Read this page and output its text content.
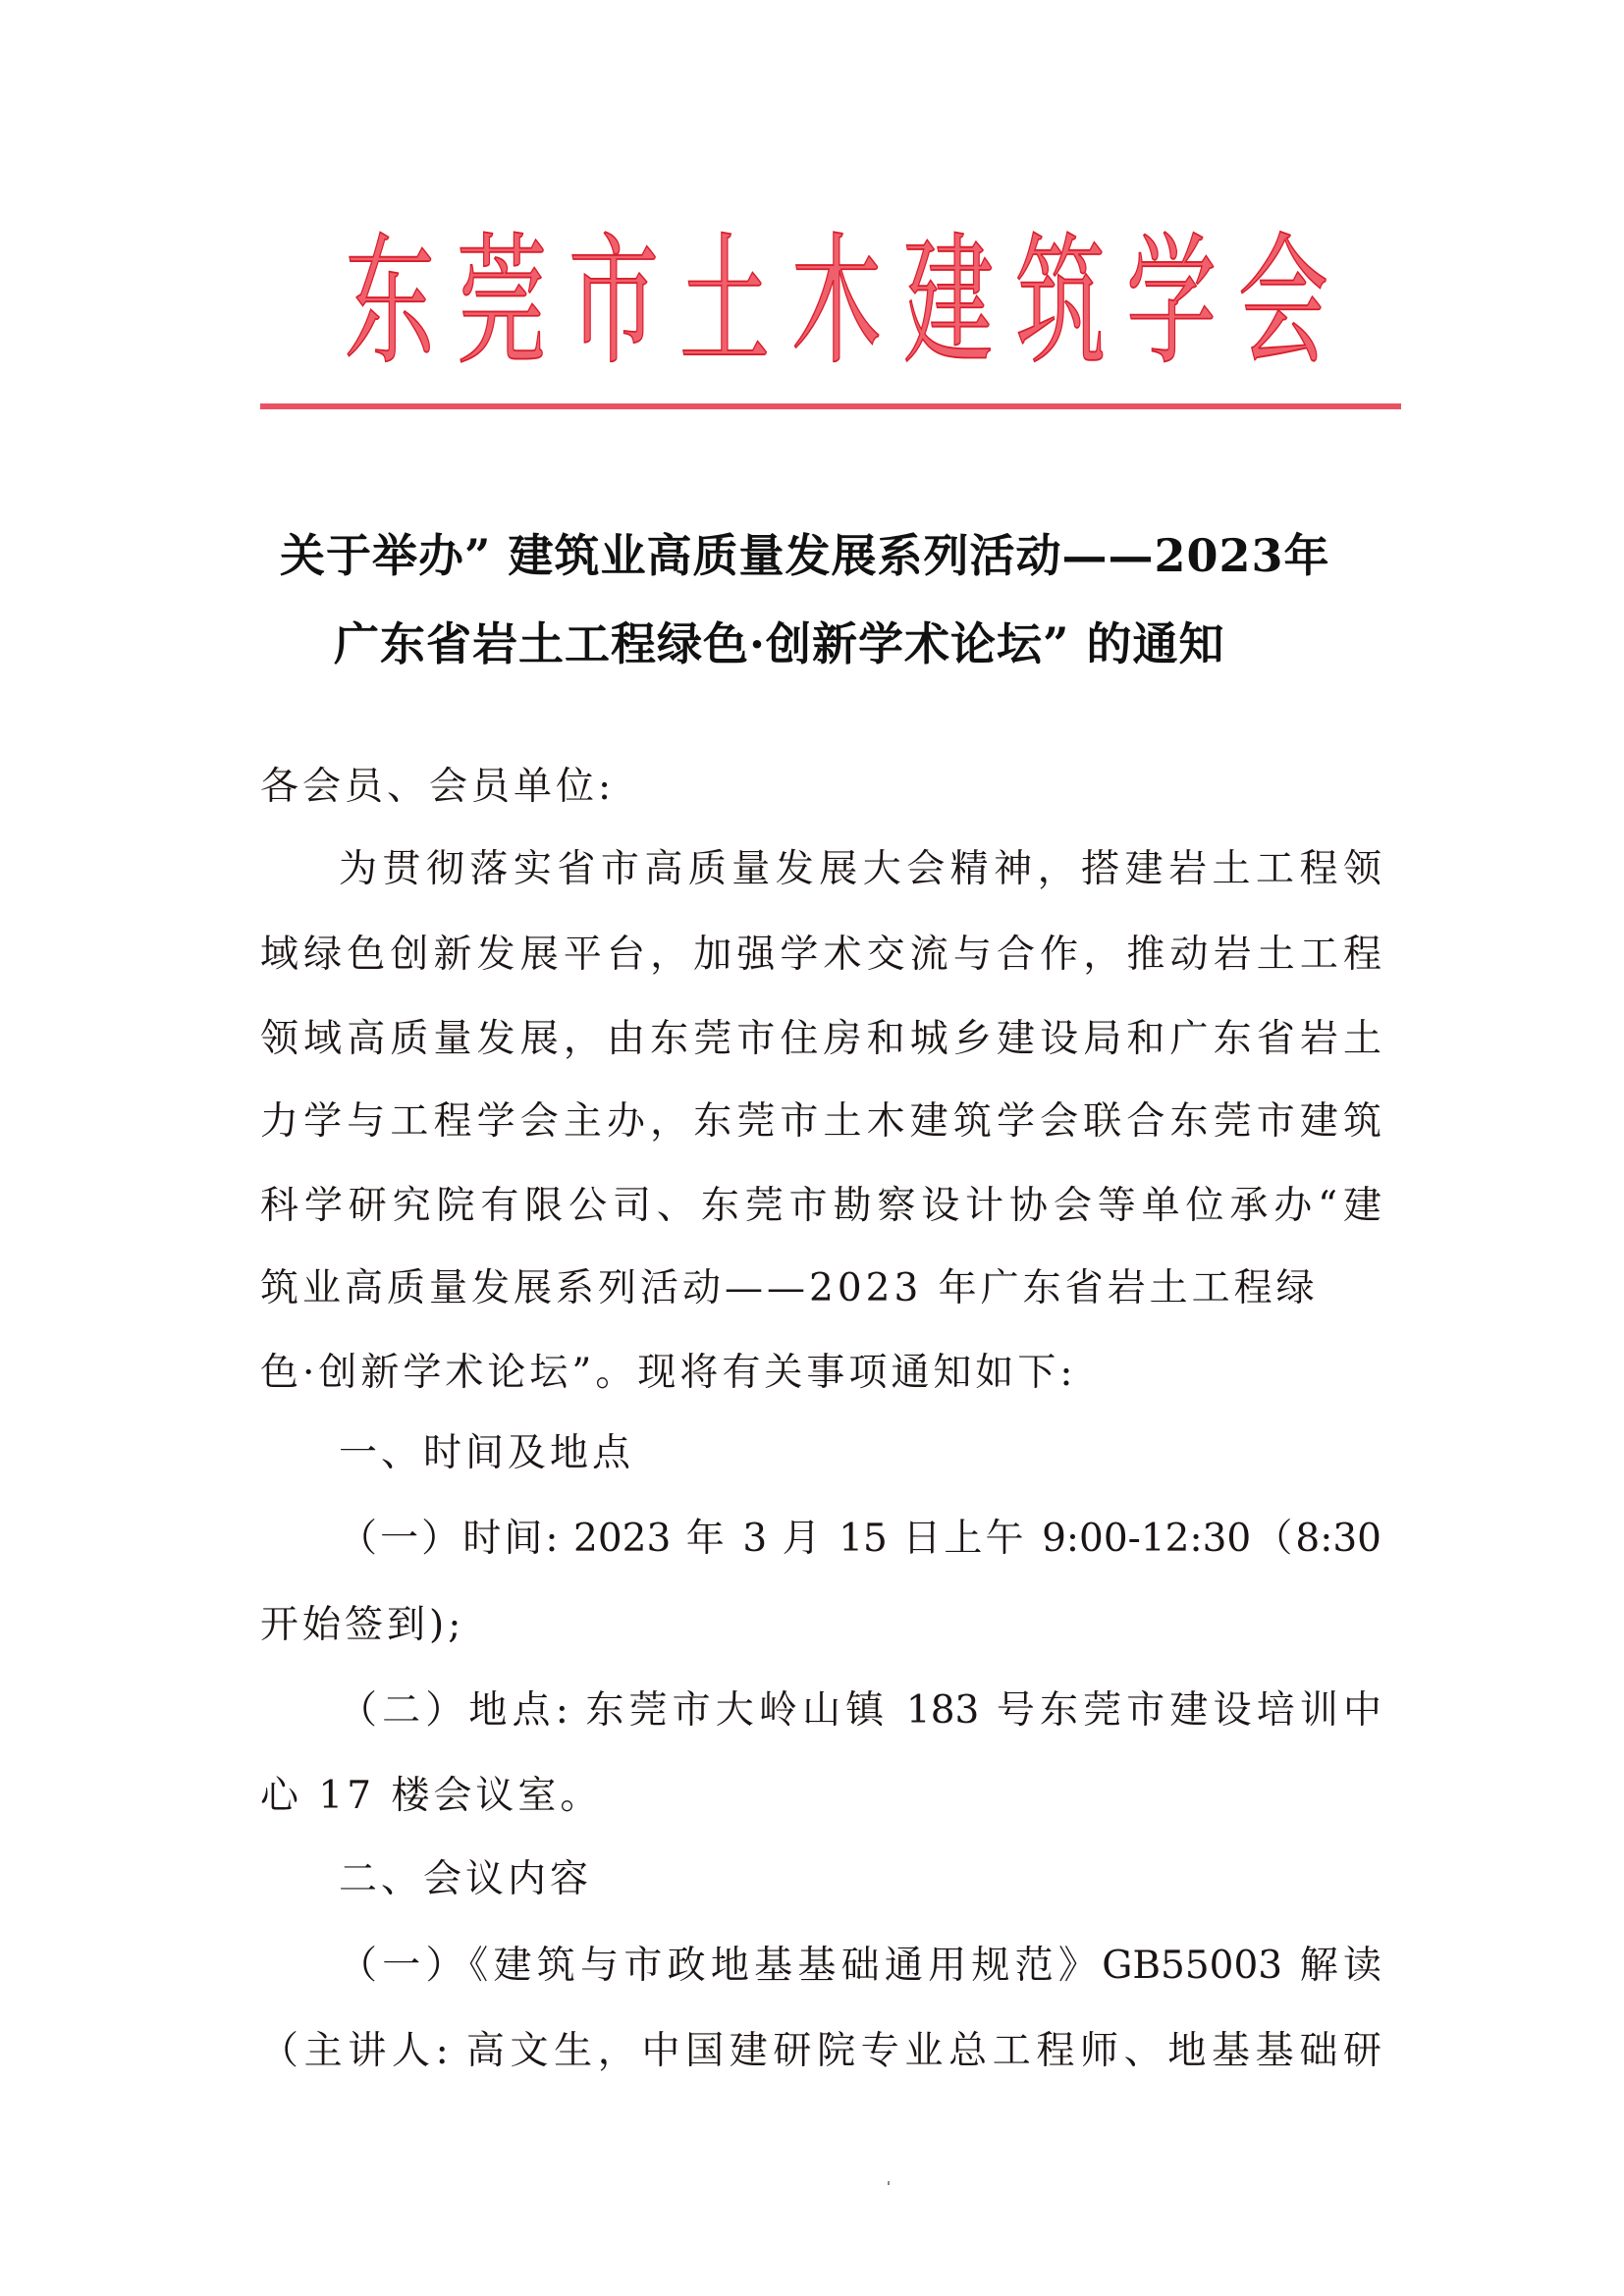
东 莞 市 土 木 建 筑 学 会
关于举办” 建筑业高质量发展系列活动——2023年
广东省岩土工程绿色·创新学术论坛” 的通知
各会员、会员单位:
为贯彻落实省市高质量发展大会精神，搭建岩土工程领
域绿色创新发展平台，加强学术交流与合作，推动岩土工程
领域高质量发展，由东莞市住房和城乡建设局和广东省岩土
力学与工程学会主办，东莞市土木建筑学会联合东莞市建筑
科学研究院有限公司、东莞市勘察设计协会等单位承办“建
筑业高质量发展系列活动——2023 年广东省岩土工程绿
色·创新学术论坛”。现将有关事项通知如下:
一、时间及地点
（一）时间: 2023 年 3 月 15 日上午 9:00-12:30（8:30
开始签到);
（二）地点: 东莞市大岭山镇 183 号东莞市建设培训中
心 17 楼会议室。
二、会议内容
（一）《建筑与市政地基基础通用规范》GB55003 解读
（主讲人: 高文生，中国建研院专业总工程师、地基基础研
